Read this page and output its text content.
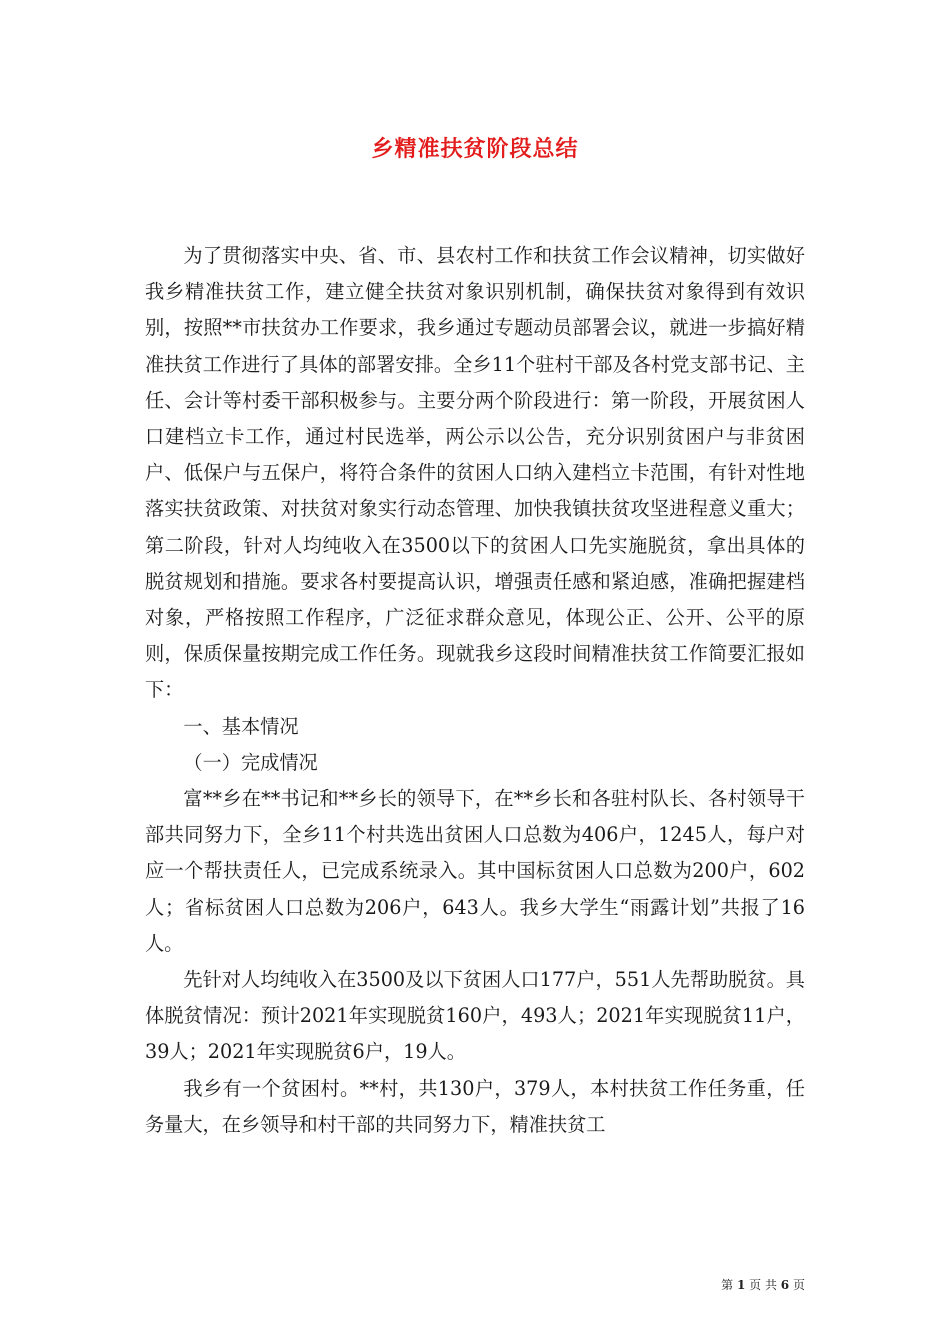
乡精准扶贫阶段总结

为了贯彻落实中央、省、市、县农村工作和扶贫工作会议精神，切实做好我乡精准扶贫工作，建立健全扶贫对象识别机制，确保扶贫对象得到有效识别，按照**市扶贫办工作要求，我乡通过专题动员部署会议，就进一步搞好精准扶贫工作进行了具体的部署安排。全乡11个驻村干部及各村党支部书记、主任、会计等村委干部积极参与。主要分两个阶段进行：第一阶段，开展贫困人口建档立卡工作，通过村民选举，两公示以公告，充分识别贫困户与非贫困户、低保户与五保户，将符合条件的贫困人口纳入建档立卡范围，有针对性地落实扶贫政策、对扶贫对象实行动态管理、加快我镇扶贫攻坚进程意义重大；第二阶段，针对人均纯收入在3500以下的贫困人口先实施脱贫，拿出具体的脱贫规划和措施。要求各村要提高认识，增强责任感和紧迫感，准确把握建档对象，严格按照工作程序，广泛征求群众意见，体现公正、公开、公平的原则，保质保量按期完成工作任务。现就我乡这段时间精准扶贫工作简要汇报如下：

一、基本情况

（一）完成情况

富**乡在**书记和**乡长的领导下，在**乡长和各驻村队长、各村领导干部共同努力下，全乡11个村共选出贫困人口总数为406户，1245人，每户对应一个帮扶责任人，已完成系统录入。其中国标贫困人口总数为200户，602人；省标贫困人口总数为206户，643人。我乡大学生“雨露计划”共报了16人。

先针对人均纯收入在3500及以下贫困人口177户，551人先帮助脱贫。具体脱贫情况：预计2021年实现脱贫160户，493人；2021年实现脱贫11户，39人；2021年实现脱贫6户，19人。

我乡有一个贫困村。**村，共130户，379人，本村扶贫工作任务重，任务量大，在乡领导和村干部的共同努力下，精准扶贫工

第 1 页 共 6 页
